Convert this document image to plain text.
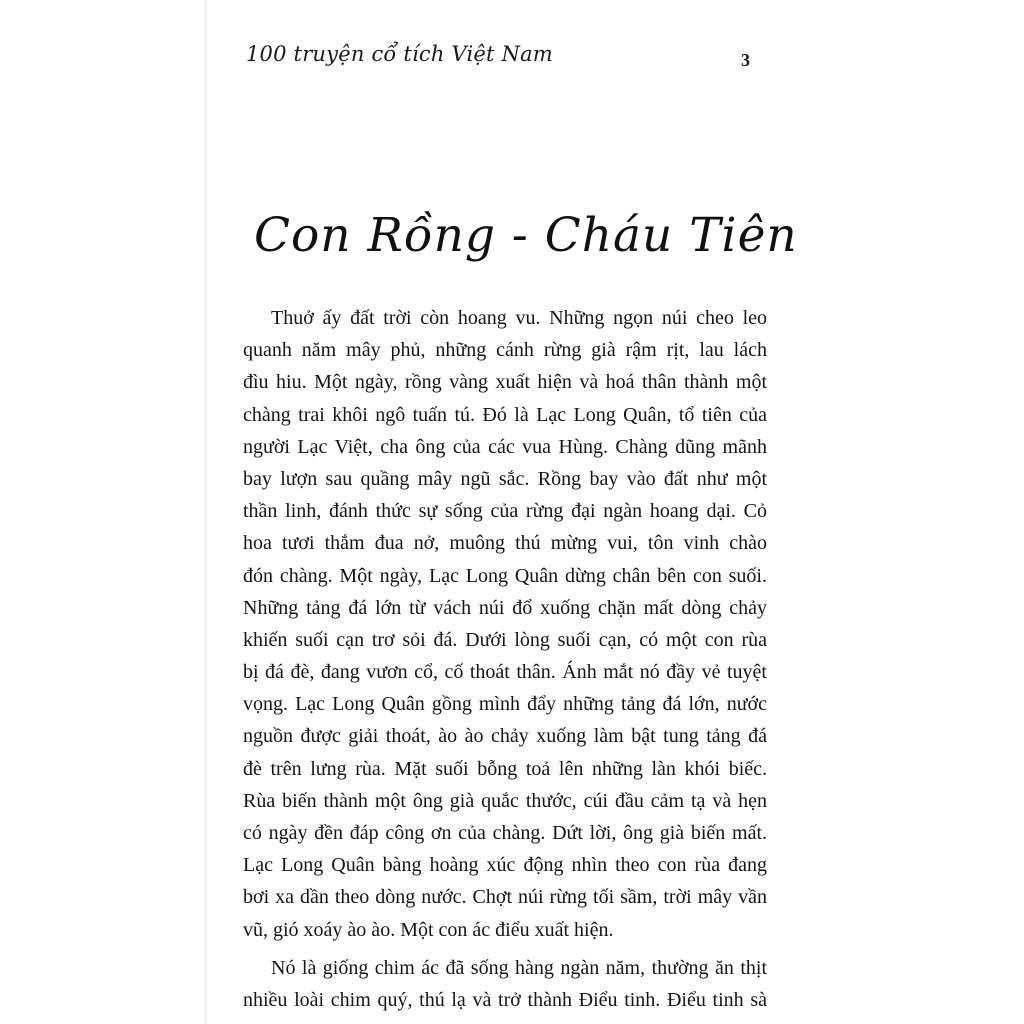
100 truyện cổ tích Việt Nam	3
Con Rồng - Cháu Tiên
Thuở ấy đất trời còn hoang vu. Những ngọn núi cheo leo
quanh năm mây phủ, những cánh rừng già rậm rịt, lau lách
đìu hiu. Một ngày, rồng vàng xuất hiện và hoá thân thành một
chàng trai khôi ngô tuấn tú. Đó là Lạc Long Quân, tổ tiên của
người Lạc Việt, cha ông của các vua Hùng. Chàng dũng mãnh
bay lượn sau quầng mây ngũ sắc. Rồng bay vào đất như một
thần linh, đánh thức sự sống của rừng đại ngàn hoang dại. Cỏ
hoa tươi thắm đua nở, muông thú mừng vui, tôn vinh chào
đón chàng. Một ngày, Lạc Long Quân dừng chân bên con suối.
Những tảng đá lớn từ vách núi đổ xuống chặn mất dòng chảy
khiến suối cạn trơ sỏi đá. Dưới lòng suối cạn, có một con rùa
bị đá đè, đang vươn cổ, cố thoát thân. Ánh mắt nó đầy vẻ tuyệt
vọng. Lạc Long Quân gồng mình đẩy những tảng đá lớn, nước
nguồn được giải thoát, ào ào chảy xuống làm bật tung tảng đá
đè trên lưng rùa. Mặt suối bỗng toả lên những làn khói biếc.
Rùa biến thành một ông già quắc thước, cúi đầu cảm tạ và hẹn
có ngày đền đáp công ơn của chàng. Dứt lời, ông già biến mất.
Lạc Long Quân bàng hoàng xúc động nhìn theo con rùa đang
bơi xa dần theo dòng nước. Chợt núi rừng tối sầm, trời mây vần
vũ, gió xoáy ào ào. Một con ác điểu xuất hiện.
Nó là giống chim ác đã sống hàng ngàn năm, thường ăn thịt
nhiều loài chim quý, thú lạ và trở thành Điểu tinh. Điểu tinh sà
